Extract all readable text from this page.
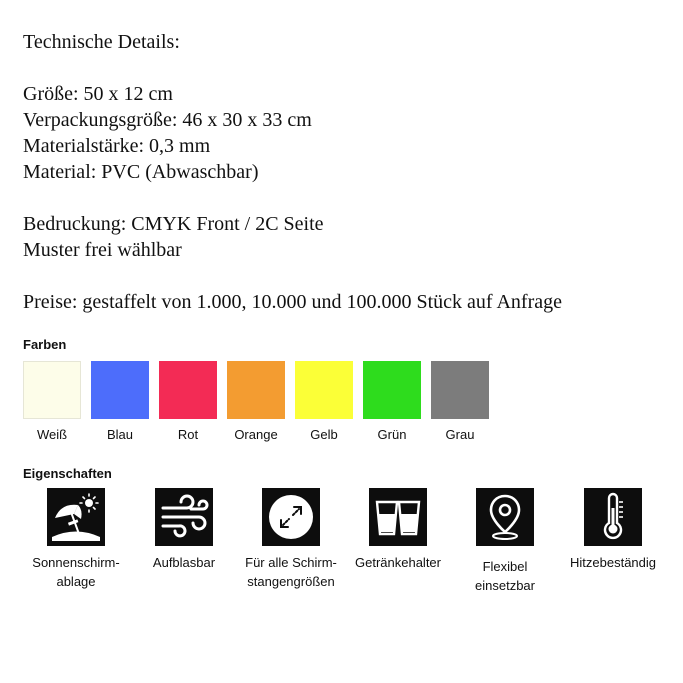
Technische Details:
Größe: 50 x 12 cm
Verpackungsgröße: 46 x 30 x 33 cm
Materialstärke: 0,3 mm
Material: PVC (Abwaschbar)
Bedruckung: CMYK Front / 2C Seite
Muster frei wählbar
Preise: gestaffelt von 1.000, 10.000 und 100.000 Stück auf Anfrage
Farben
Weiß	Blau	Rot	Orange	Gelb	Grün	Grau
Eigenschaften
Sonnenschirm-
ablage
Aufblasbar	Für alle Schirm-
stangengrößen
Getränkehalter	Flexibel
einsetzbar
Hitzebeständig
